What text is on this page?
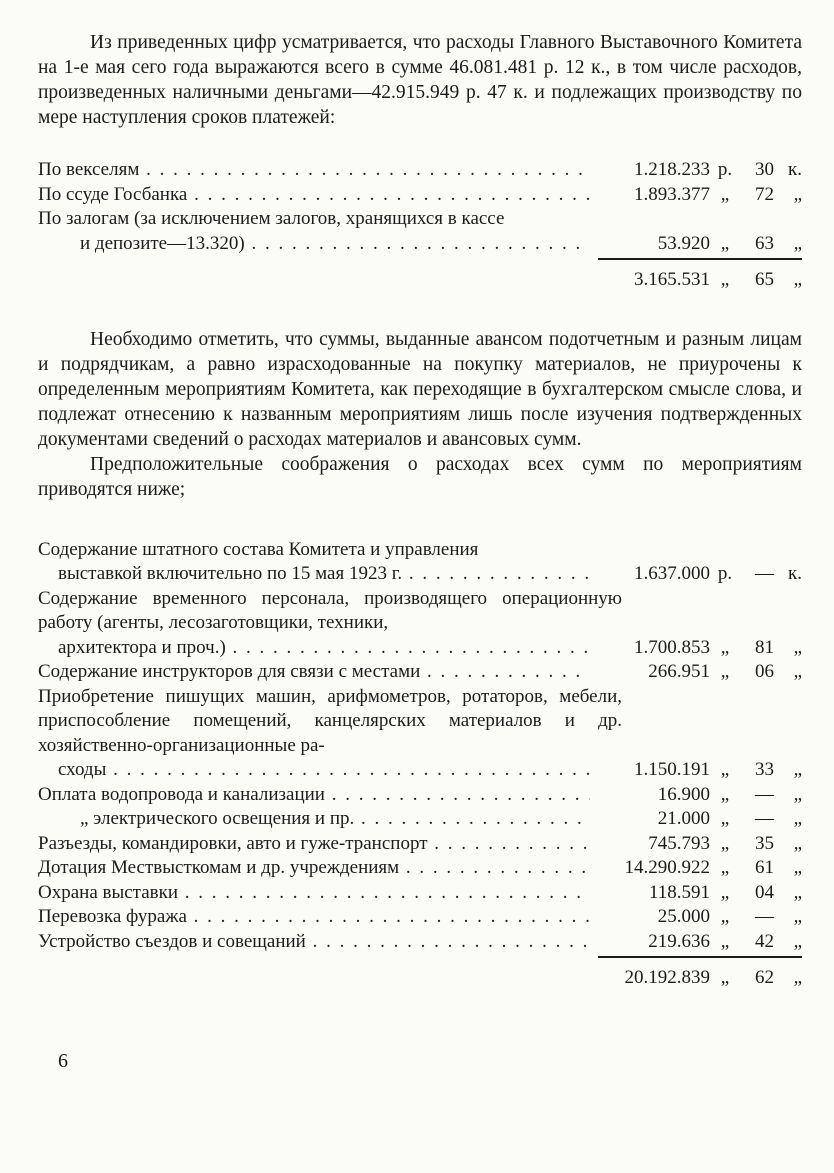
Из приведенных цифр усматривается, что расходы Главного Выставочного Комитета на 1-е мая сего года выражаются всего в сумме 46.081.481 р. 12 к., в том числе расходов, произведенных наличными деньгами—42.915.949 р. 47 к. и подлежащих производству по мере наступления сроков платежей:

По векселям . . .	1.218.233 р.	30 к.
По ссуде Госбанка . . .	1.893.377 „	72	„
По залогам (за исключением залогов, хранящихся в кассе
и депозите—13.320) . . .	53.920 „	63	„
3.165.531 „	65	„

Необходимо отметить, что суммы, выданные авансом подотчетным и разным лицам и подрядчикам, а равно израсходованные на покупку материалов, не приурочены к определенным мероприятиям Комитета, как переходящие в бухгалтерском смысле слова, и подлежат отнесению к названным мероприятиям лишь после изучения подтвержденных документами сведений о расходах материалов и авансовых сумм.

Предположительные соображения о расходах всех сумм по мероприятиям приводятся ниже;

Содержание штатного состава Комитета и управления
выставкой включительно по 15 мая 1923 г. . . .	1.637.000 р.	— к.
Содержание временного персонала, производящего операционную работу (агенты, лесозаготовщики, техники,
архитектора и проч.) . . .	1.700.853 „	81	„
Содержание инструкторов для связи с местами . . .	266.951 „	06	„
Приобретение пишущих машин, арифмометров, ротаторов, мебели, приспособление помещений, канцелярских материалов и др. хозяйственно-организационные ра-
сходы . . .	1.150.191 „	33	„
Оплата водопровода и канализации . . .	16.900 „	—	„
„ электрического освещения и пр. . . .	21.000 „	—	„
Разъезды, командировки, авто и гуже-транспорт . . .	745.793 „	35	„
Дотация Мествысткомам и др. учреждениям . . .	14.290.922 „	61	„
Охрана выставки . . .	118.591 „	04	„
Перевозка фуража . . .	25.000 „	—	„
Устройство съездов и совещаний . . .	219.636 „	42	„
20.192.839 „	62	„
6
